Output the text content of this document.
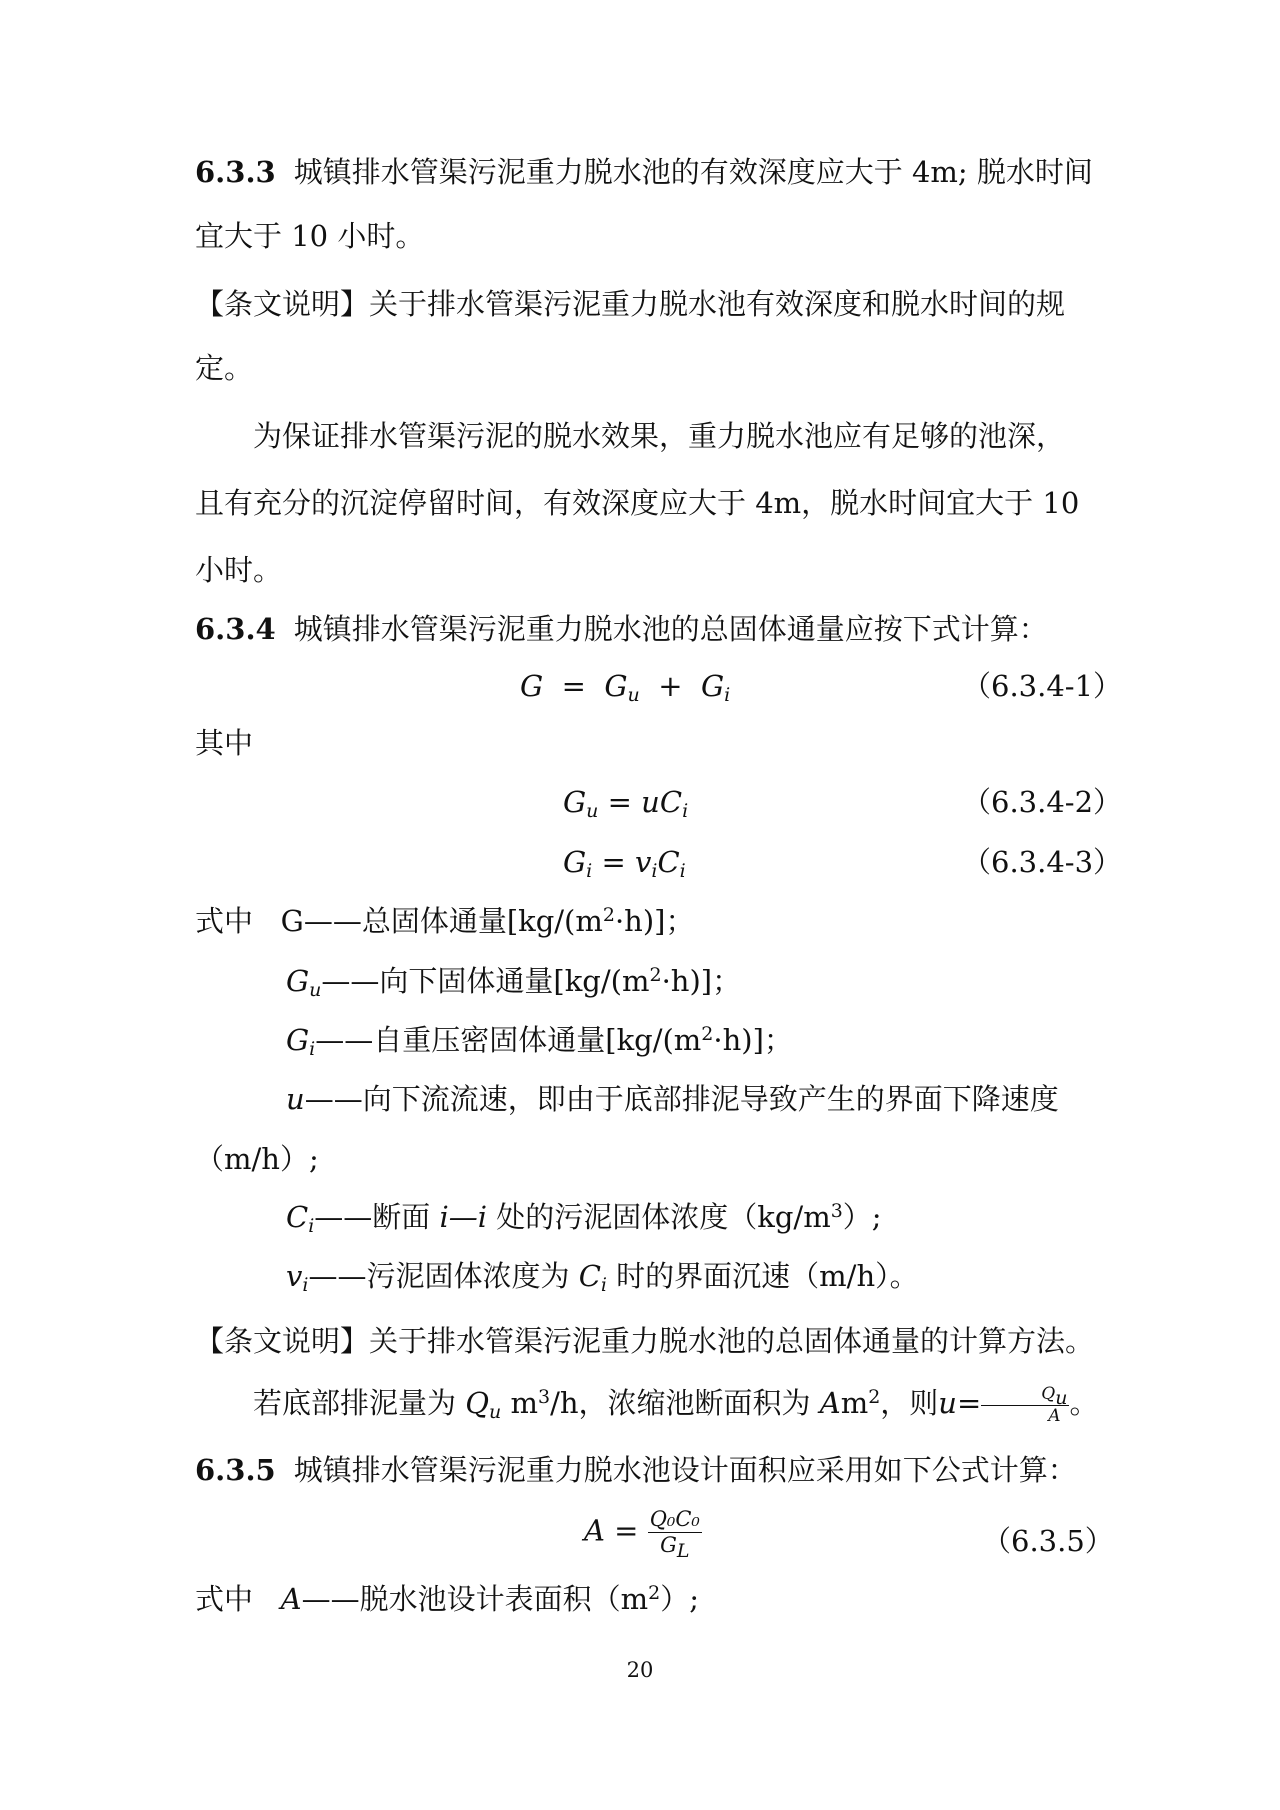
6.3.3 城镇排水管渠污泥重力脱水池的有效深度应大于 4m; 脱水时间
宜大于 10 小时。
【条文说明】关于排水管渠污泥重力脱水池有效深度和脱水时间的规
定。
为保证排水管渠污泥的脱水效果，重力脱水池应有足够的池深，
且有充分的沉淀停留时间，有效深度应大于 4m，脱水时间宜大于 10
小时。
6.3.4 城镇排水管渠污泥重力脱水池的总固体通量应按下式计算：
$G = G_u + G_i$	（6.3.4-1）
其中
$G_u = uC_i$	（6.3.4-2）
$G_i = v_iC_i$	（6.3.4-3）
式中 G——总固体通量$[kg/(m^2\cdot h)]$；
$G_u——$向下固体通量$[kg/(m^2\cdot h)]$；
$G_i——$自重压密固体通量$[kg/(m^2\cdot h)]$；
u——向下流流速，即由于底部排泥导致产生的界面下降速度
（m/h）;
$C_i——$断面 i—i 处的污泥固体浓度$(kg/m^3)$;
$v_i——$污泥固体浓度为 $C_i$ 时的界面沉速（m/h）。
【条文说明】关于排水管渠污泥重力脱水池的总固体通量的计算方法。
若底部排泥量为 $Q_u$ $m^3/h$，浓缩池断面积为 Am$^2$，则$u= \frac{Q_u}{A}$ 。
6.3.5 城镇排水管渠污泥重力脱水池设计面积应采用如下公式计算：
$A = \frac{\text{Q₀C₀}}{G_L}$	（6.3.5）
式中 A——脱水池设计表面积$(m^2)$;
20
